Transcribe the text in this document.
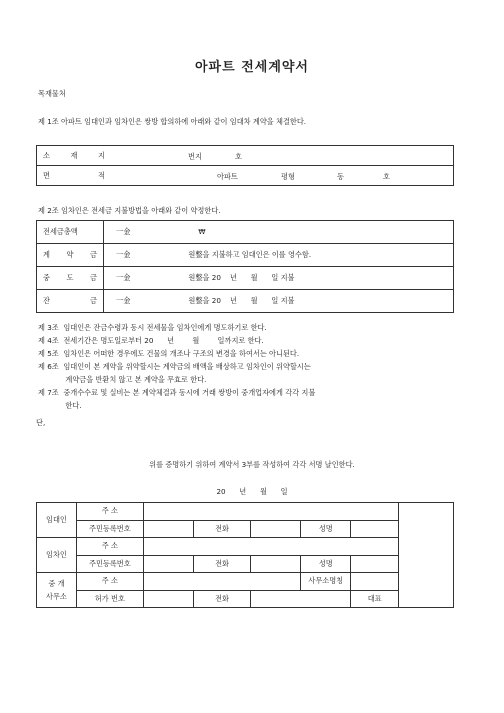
아파트 전세계약서
목재물처
제 1조 아파트 임대인과 임차인은 쌍방 합의하에 아래와 같이 임대차 계약을 체결한다.
소 재 지	번지 호

면 적	아파트 평형 동 호
제 2조 임차인은 전세금 지불방법을 아래와 같이 약정한다.
전세금총액	一金 ₩
계 약 금	一金 원整을 지불하고 임대인은 이를 영수함.
중 도 금	一金 원整을 20    년      월      일 지불
잔 금	一金 원整을 20    년      월      일 지불
제 3조  임대인은 잔금수령과 동시 전세물을 임차인에게 명도하기로 한다.
제 4조  전세기간은 명도일로부터 20      년        월        일까지로 한다.
제 5조  임차인은 어떠한 경우에도 건물의 개조나 구조의 변경을 하여서는 아니된다.
제 6조  임대인이 본 계약을 위약할시는 계약금의 배액을 배상하고 임차인이 위약할시는
계약금을 반환치 않고 본 계약을 무효로 한다.
제 7조  중개수수료 및 실비는 본 계약체결과 동시에 거래 쌍방이 중개업자에게 각각 지불
한다.
단,
위를 증명하기 위하여 계약서 3부를 작성하여 각각 서명 날인한다.
20      년      월      일
임대인	주 소						
	주민등록번호		전화		성명		
임차인	주 소						
	주민등록번호		전화		성명		

중 개
사무소	주 소				사무소명칭		
	허가 번호		전화			대표	
